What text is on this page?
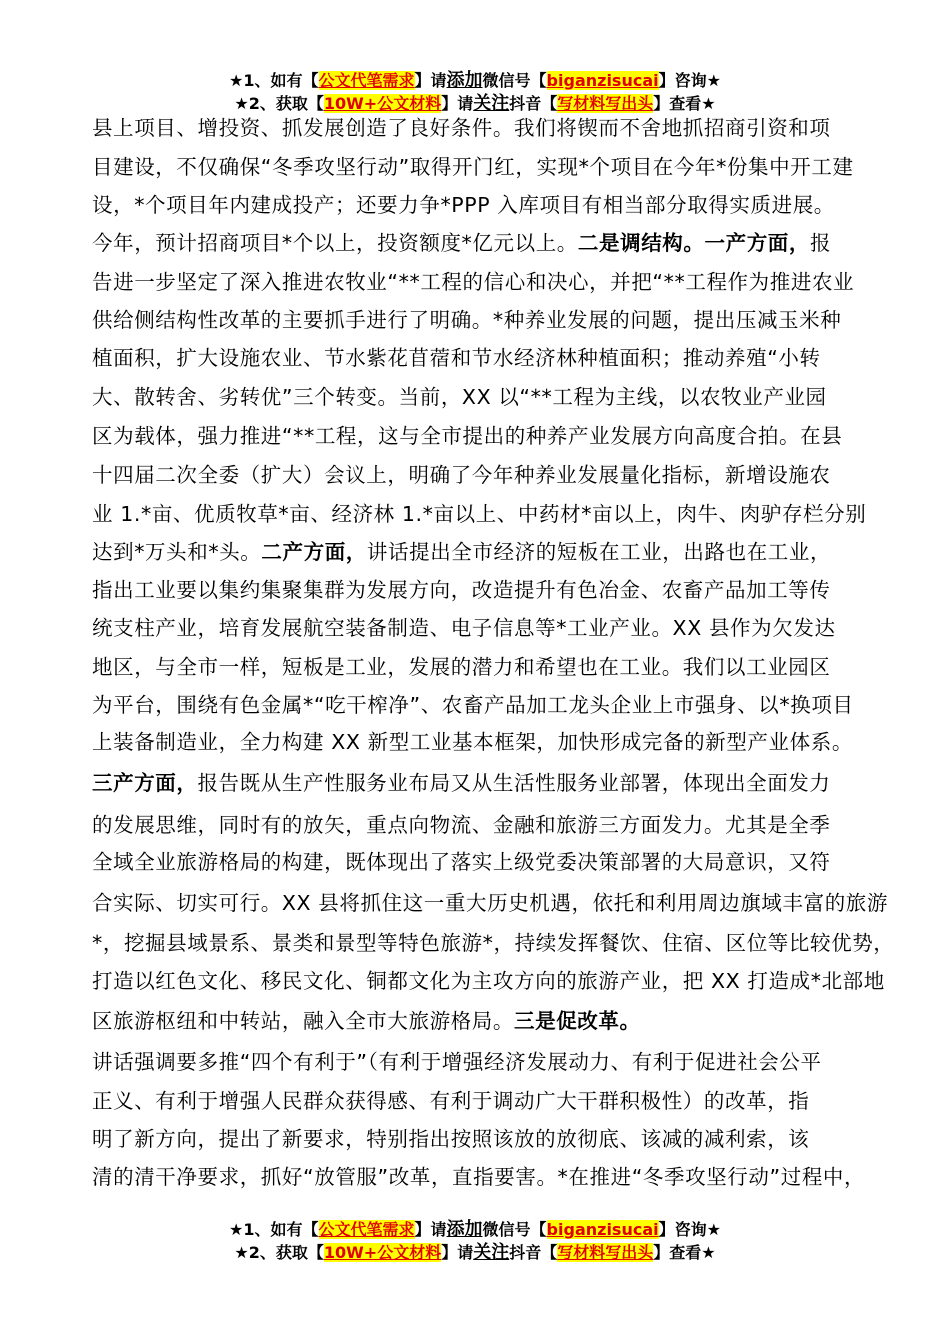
★1、如有【公文代笔需求】请添加微信号【biganzisucai】咨询★
★2、获取【10W+公文材料】请关注抖音【写材料写出头】查看★
县上项目、增投资、抓发展创造了良好条件。我们将锲而不舍地抓招商引资和项
目建设，不仅确保“冬季攻坚行动”取得开门红，实现*个项目在今年*份集中开工建
设，*个项目年内建成投产；还要力争*PPP 入库项目有相当部分取得实质进展。
今年，预计招商项目*个以上，投资额度*亿元以上。二是调结构。一产方面，报
告进一步坚定了深入推进农牧业“**工程的信心和决心，并把“**工程作为推进农业
供给侧结构性改革的主要抓手进行了明确。*种养业发展的问题，提出压减玉米种
植面积，扩大设施农业、节水紫花苜蓿和节水经济林种植面积；推动养殖“小转
大、散转舍、劣转优”三个转变。当前，XX 以“**工程为主线，以农牧业产业园
区为载体，强力推进“**工程，这与全市提出的种养产业发展方向高度合拍。在县
十四届二次全委（扩大）会议上，明确了今年种养业发展量化指标，新增设施农
业 1.*亩、优质牧草*亩、经济林 1.*亩以上、中药材*亩以上，肉牛、肉驴存栏分别
达到*万头和*头。二产方面，讲话提出全市经济的短板在工业，出路也在工业，
指出工业要以集约集聚集群为发展方向，改造提升有色冶金、农畜产品加工等传
统支柱产业，培育发展航空装备制造、电子信息等*工业产业。XX 县作为欠发达
地区，与全市一样，短板是工业，发展的潜力和希望也在工业。我们以工业园区
为平台，围绕有色金属*“吃干榨净”、农畜产品加工龙头企业上市强身、以*换项目
上装备制造业，全力构建 XX 新型工业基本框架，加快形成完备的新型产业体系。
三产方面，报告既从生产性服务业布局又从生活性服务业部署，体现出全面发力
的发展思维，同时有的放矢，重点向物流、金融和旅游三方面发力。尤其是全季
全域全业旅游格局的构建，既体现出了落实上级党委决策部署的大局意识，又符
合实际、切实可行。XX 县将抓住这一重大历史机遇，依托和利用周边旗域丰富的旅游
*，挖掘县域景系、景类和景型等特色旅游*，持续发挥餐饮、住宿、区位等比较优势，
打造以红色文化、移民文化、铜都文化为主攻方向的旅游产业，把 XX 打造成*北部地
区旅游枢纽和中转站，融入全市大旅游格局。三是促改革。
讲话强调要多推“四个有利于”（有利于增强经济发展动力、有利于促进社会公平
正义、有利于增强人民群众获得感、有利于调动广大干群积极性）的改革，指
明了新方向，提出了新要求，特别指出按照该放的放彻底、该减的减利索，该
清的清干净要求，抓好“放管服”改革，直指要害。*在推进“冬季攻坚行动”过程中，
★1、如有【公文代笔需求】请添加微信号【biganzisucai】咨询★
★2、获取【10W+公文材料】请关注抖音【写材料写出头】查看★
